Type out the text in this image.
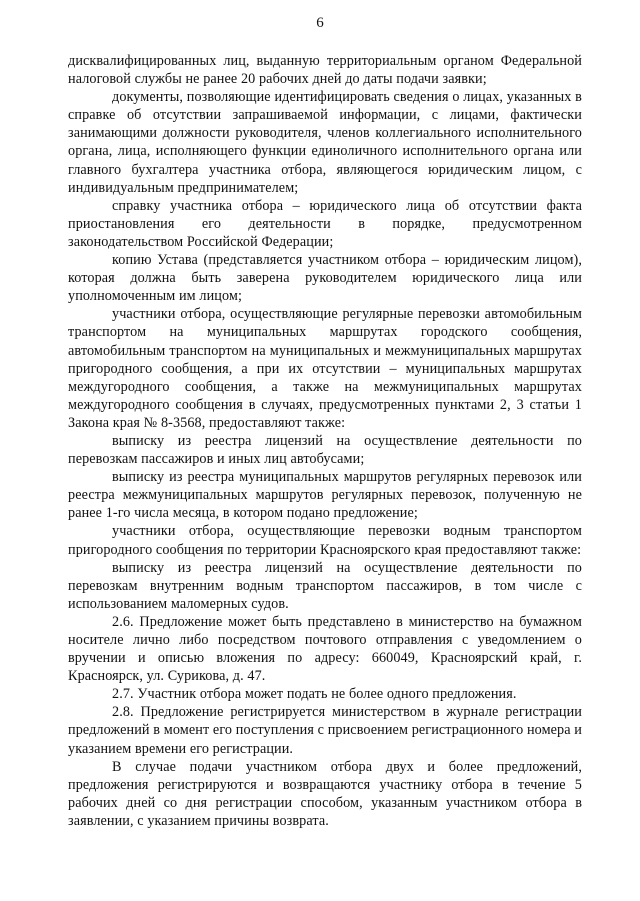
6

дисквалифицированных лиц, выданную территориальным органом Федеральной налоговой службы не ранее 20 рабочих дней до даты подачи заявки;

документы, позволяющие идентифицировать сведения о лицах, указанных в справке об отсутствии запрашиваемой информации, с лицами, фактически занимающими должности руководителя, членов коллегиального исполнительного органа, лица, исполняющего функции единоличного исполнительного органа или главного бухгалтера участника отбора, являющегося юридическим лицом, с индивидуальным предпринимателем;

справку участника отбора – юридического лица об отсутствии факта приостановления его деятельности в порядке, предусмотренном законодательством Российской Федерации;

копию Устава (представляется участником отбора – юридическим лицом), которая должна быть заверена руководителем юридического лица или уполномоченным им лицом;

участники отбора, осуществляющие регулярные перевозки автомобильным транспортом на муниципальных маршрутах городского сообщения, автомобильным транспортом на муниципальных и межмуниципальных маршрутах пригородного сообщения, а при их отсутствии – муниципальных маршрутах междугородного сообщения, а также на межмуниципальных маршрутах междугородного сообщения в случаях, предусмотренных пунктами 2, 3 статьи 1 Закона края № 8-3568, предоставляют также:

выписку из реестра лицензий на осуществление деятельности по перевозкам пассажиров и иных лиц автобусами;

выписку из реестра муниципальных маршрутов регулярных перевозок или реестра межмуниципальных маршрутов регулярных перевозок, полученную не ранее 1-го числа месяца, в котором подано предложение;

участники отбора, осуществляющие перевозки водным транспортом пригородного сообщения по территории Красноярского края предоставляют также:

выписку из реестра лицензий на осуществление деятельности по перевозкам внутренним водным транспортом пассажиров, в том числе с использованием маломерных судов.

2.6. Предложение может быть представлено в министерство на бумажном носителе лично либо посредством почтового отправления с уведомлением о вручении и описью вложения по адресу: 660049, Красноярский край, г. Красноярск, ул. Сурикова, д. 47.

2.7. Участник отбора может подать не более одного предложения.

2.8. Предложение регистрируется министерством в журнале регистрации предложений в момент его поступления с присвоением регистрационного номера и указанием времени его регистрации.

В случае подачи участником отбора двух и более предложений, предложения регистрируются и возвращаются участнику отбора в течение 5 рабочих дней со дня регистрации способом, указанным участником отбора в заявлении, с указанием причины возврата.
